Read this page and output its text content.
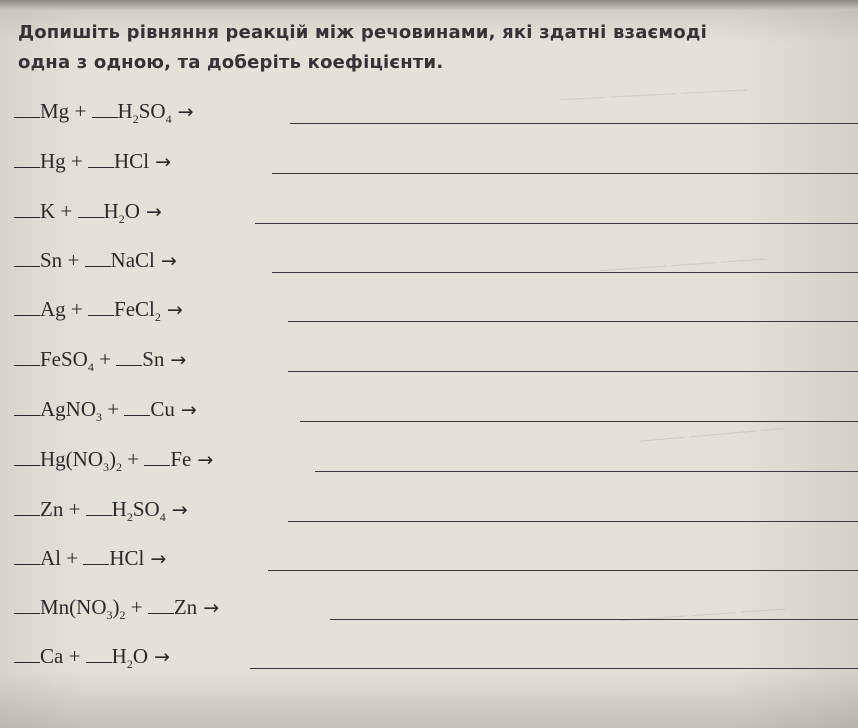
—— ——— ———
——— —— ——
—— ——— —
——— —— ——
Допишіть рівняння реакцій між речовинами, які здатні взаємоді
одна з одною, та доберіть коефіцієнти.
$Mg + H_2SO_4$ →
Hg + HCl →
$K + H_2O$ →
Sn + NaCl →
Ag + FeCl$_2$ →
FeSO$_4$ + Sn →
AgNO$_3$ + Cu →
$Hg(NO_3)_2 + Fe$ →
$Zn + H_2SO_4$ →
Al + HCl →
$Mn(NO_3)_2 + Zn$ →
$Ca + H_2O$ →
